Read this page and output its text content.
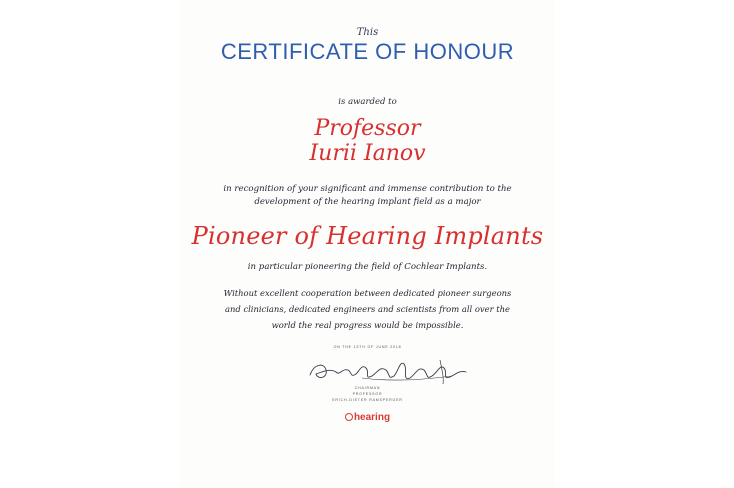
This
CERTIFICATE OF HONOUR
is awarded to
Professor
Iurii Ianov
in recognition of your significant and immense contribution to the
development of the hearing implant field as a major
Pioneer of Hearing Implants
in particular pioneering the field of Cochlear Implants.
Without excellent cooperation between dedicated pioneer surgeons
and clinicians, dedicated engineers and scientists from all over the
world the real progress would be impossible.
ON THE 15TH OF JUNE 2018
CHAIRMAN
PROFESSOR
ERICH-DIETER RAMSPERGER
hearing
